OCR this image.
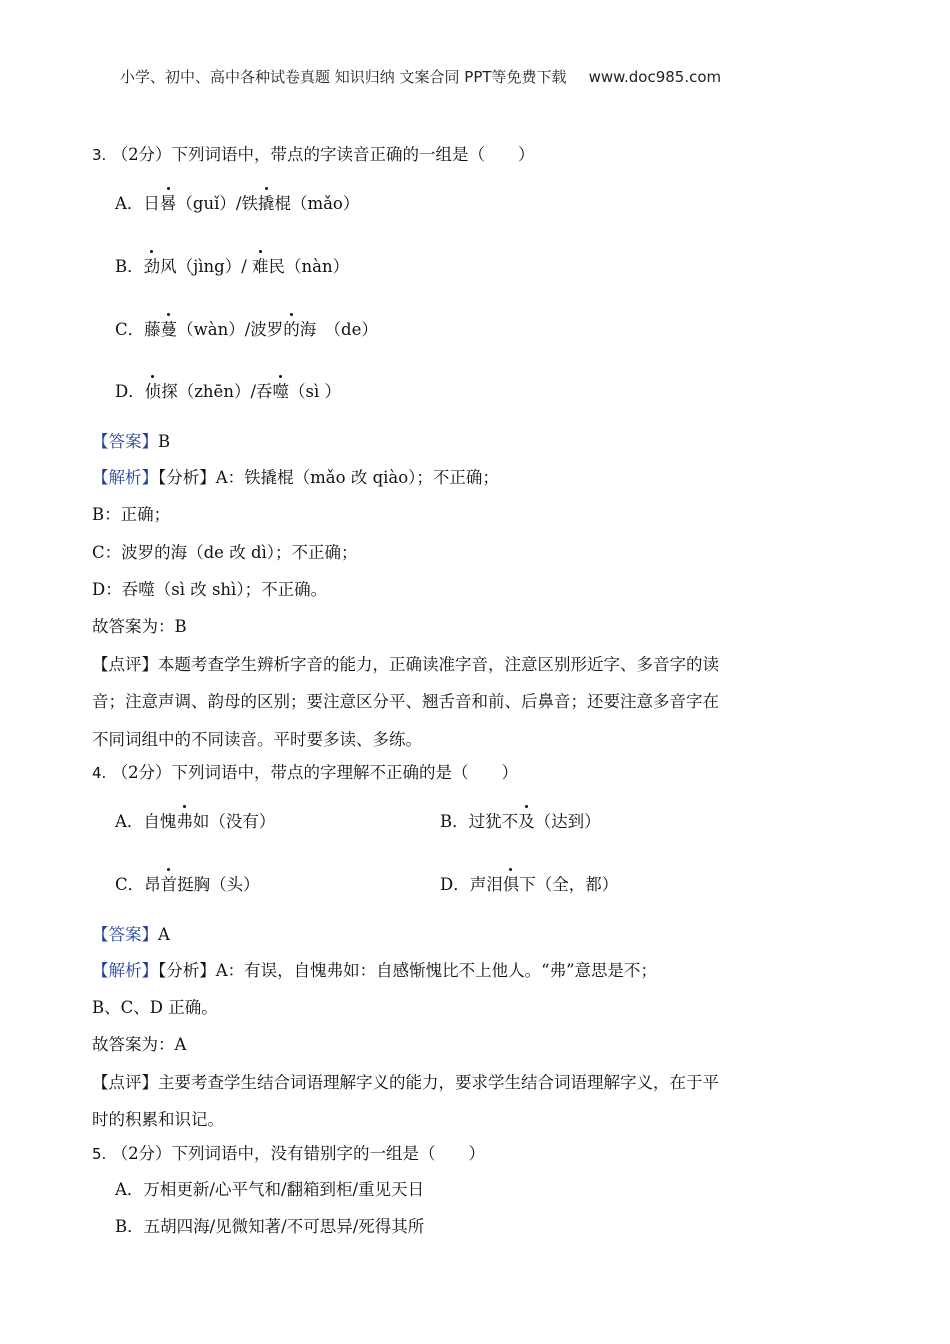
小学、初中、高中各种试卷真题 知识归纳 文案合同 PPT等免费下载 www.doc985.com
3. （2分）下列词语中，带点的字读音正确的一组是（　　）
A．日晷（guǐ）/铁撬棍（mǎo）
B．劲风（jìng）/ 难民（nàn）
C．藤蔓（wàn）/波罗的海　（de）
D．侦探（zhēn）/吞噬（sì ）
【答案】B
【解析】【分析】A：铁撬棍（mǎo 改 qiào）；不正确；
B：正确；
C：波罗的海（de 改 dì）；不正确；
D：吞噬（sì 改 shì）；不正确。
故答案为：B
【点评】本题考查学生辨析字音的能力，正确读准字音，注意区别形近字、多音字的读
音；注意声调、韵母的区别；要注意区分平、翘舌音和前、后鼻音；还要注意多音字在
不同词组中的不同读音。平时要多读、多练。
4. （2分）下列词语中，带点的字理解不正确的是（　　）
A．自愧弗如（没有）	B．过犹不及（达到）
C．昂首挺胸（头）	D．声泪俱下（全，都）
【答案】A
【解析】【分析】A：有误，自愧弗如：自感惭愧比不上他人。“弗”意思是不；
B、C、D 正确。
故答案为：A
【点评】主要考查学生结合词语理解字义的能力，要求学生结合词语理解字义，在于平
时的积累和识记。
5. （2分）下列词语中，没有错别字的一组是（　　）
A．万相更新/心平气和/翻箱到柜/重见天日
B．五胡四海/见微知著/不可思异/死得其所
